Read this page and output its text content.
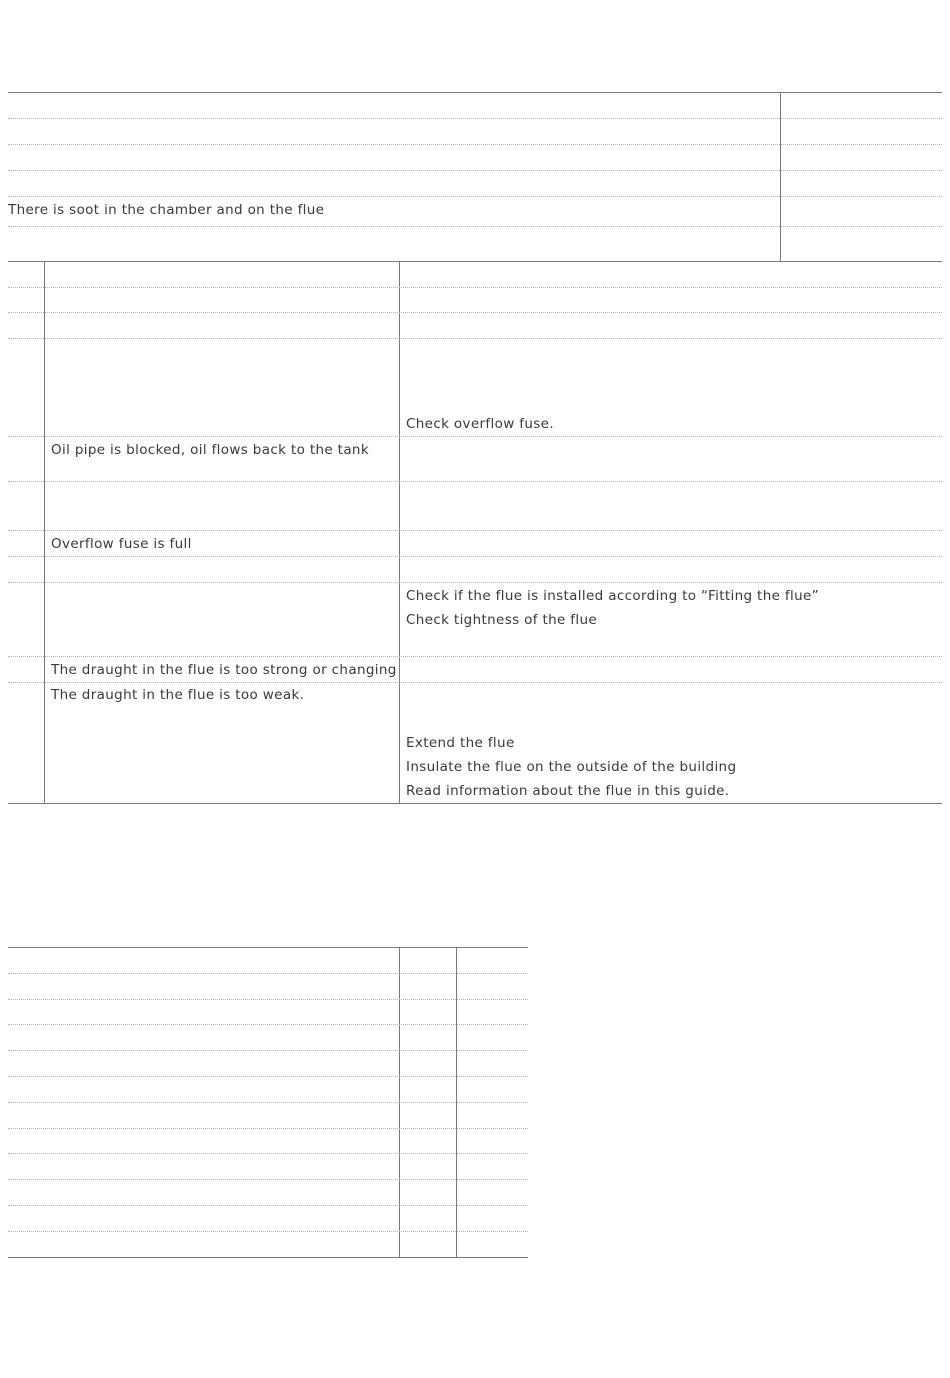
There is soot in the chamber and on the flue
Check overflow fuse.
Oil pipe is blocked, oil flows back to the tank
Overflow fuse is full
Check if the flue is installed according to “Fitting the flue”
Check tightness of the flue
The draught in the flue is too strong or changing
The draught in the flue is too weak.
Extend the flue
Insulate the flue on the outside of the building
Read information about the flue in this guide.
